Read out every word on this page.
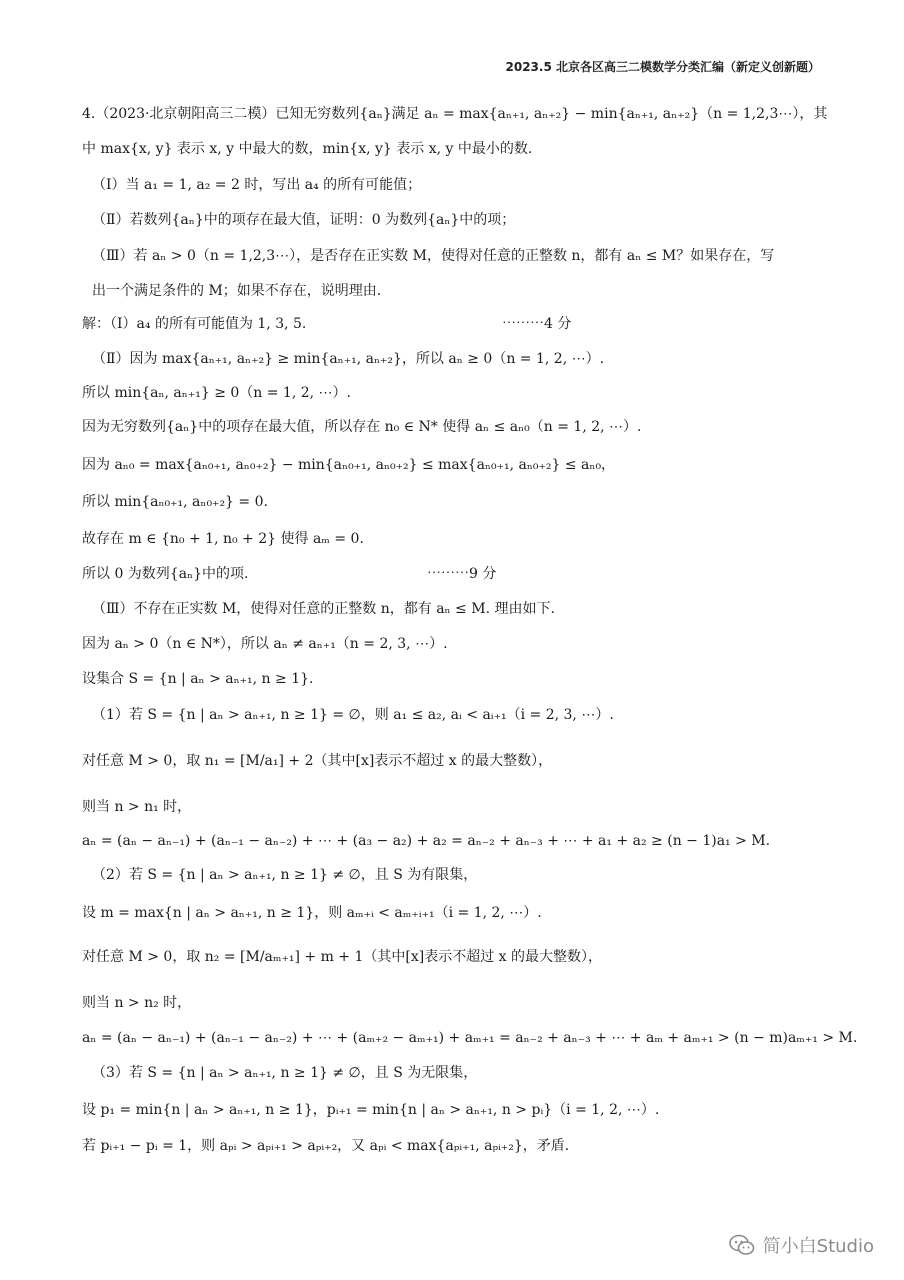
2023.5 北京各区高三二模数学分类汇编（新定义创新题）
4.（2023·北京朝阳高三二模）已知无穷数列{aₙ}满足 aₙ = max{aₙ₊₁, aₙ₊₂} − min{aₙ₊₁, aₙ₊₂}（n = 1,2,3⋯），其
中 max{x, y} 表示 x, y 中最大的数，min{x, y} 表示 x, y 中最小的数.
（Ⅰ）当 a₁ = 1, a₂ = 2 时，写出 a₄ 的所有可能值；
（Ⅱ）若数列{aₙ}中的项存在最大值，证明：0 为数列{aₙ}中的项；
（Ⅲ）若 aₙ > 0（n = 1,2,3⋯），是否存在正实数 M，使得对任意的正整数 n，都有 aₙ ≤ M？如果存在，写
出一个满足条件的 M；如果不存在，说明理由.
解：（Ⅰ）a₄ 的所有可能值为 1, 3, 5.	⋯⋯⋯4 分
（Ⅱ）因为 max{aₙ₊₁, aₙ₊₂} ≥ min{aₙ₊₁, aₙ₊₂}，所以 aₙ ≥ 0（n = 1, 2, ⋯）.
所以 min{aₙ, aₙ₊₁} ≥ 0（n = 1, 2, ⋯）.
因为无穷数列{aₙ}中的项存在最大值，所以存在 n₀ ∈ N* 使得 aₙ ≤ aₙ₀（n = 1, 2, ⋯）.
因为 aₙ₀ = max{aₙ₀₊₁, aₙ₀₊₂} − min{aₙ₀₊₁, aₙ₀₊₂} ≤ max{aₙ₀₊₁, aₙ₀₊₂} ≤ aₙ₀，
所以 min{aₙ₀₊₁, aₙ₀₊₂} = 0.
故存在 m ∈ {n₀ + 1, n₀ + 2} 使得 aₘ = 0.
所以 0 为数列{aₙ}中的项.	⋯⋯⋯9 分
（Ⅲ）不存在正实数 M，使得对任意的正整数 n，都有 aₙ ≤ M. 理由如下.
因为 aₙ > 0（n ∈ N*），所以 aₙ ≠ aₙ₊₁（n = 2, 3, ⋯）.
设集合 S = {n | aₙ > aₙ₊₁, n ≥ 1}.
（1）若 S = {n | aₙ > aₙ₊₁, n ≥ 1} = ∅，则 a₁ ≤ a₂, aᵢ < aᵢ₊₁（i = 2, 3, ⋯）.
对任意 M > 0，取 n₁ = [M/a₁] + 2（其中[x]表示不超过 x 的最大整数），
则当 n > n₁ 时，
aₙ = (aₙ − aₙ₋₁) + (aₙ₋₁ − aₙ₋₂) + ⋯ + (a₃ − a₂) + a₂ = aₙ₋₂ + aₙ₋₃ + ⋯ + a₁ + a₂ ≥ (n − 1)a₁ > M.
（2）若 S = {n | aₙ > aₙ₊₁, n ≥ 1} ≠ ∅，且 S 为有限集，
设 m = max{n | aₙ > aₙ₊₁, n ≥ 1}，则 aₘ₊ᵢ < aₘ₊ᵢ₊₁（i = 1, 2, ⋯）.
对任意 M > 0，取 n₂ = [M/aₘ₊₁] + m + 1（其中[x]表示不超过 x 的最大整数），
则当 n > n₂ 时，
aₙ = (aₙ − aₙ₋₁) + (aₙ₋₁ − aₙ₋₂) + ⋯ + (aₘ₊₂ − aₘ₊₁) + aₘ₊₁ = aₙ₋₂ + aₙ₋₃ + ⋯ + aₘ + aₘ₊₁ > (n − m)aₘ₊₁ > M.
（3）若 S = {n | aₙ > aₙ₊₁, n ≥ 1} ≠ ∅，且 S 为无限集，
设 p₁ = min{n | aₙ > aₙ₊₁, n ≥ 1}，pᵢ₊₁ = min{n | aₙ > aₙ₊₁, n > pᵢ}（i = 1, 2, ⋯）.
若 pᵢ₊₁ − pᵢ = 1，则 aₚᵢ > aₚᵢ₊₁ > aₚᵢ₊₂，又 aₚᵢ < max{aₚᵢ₊₁, aₚᵢ₊₂}，矛盾.
简小白Studio
